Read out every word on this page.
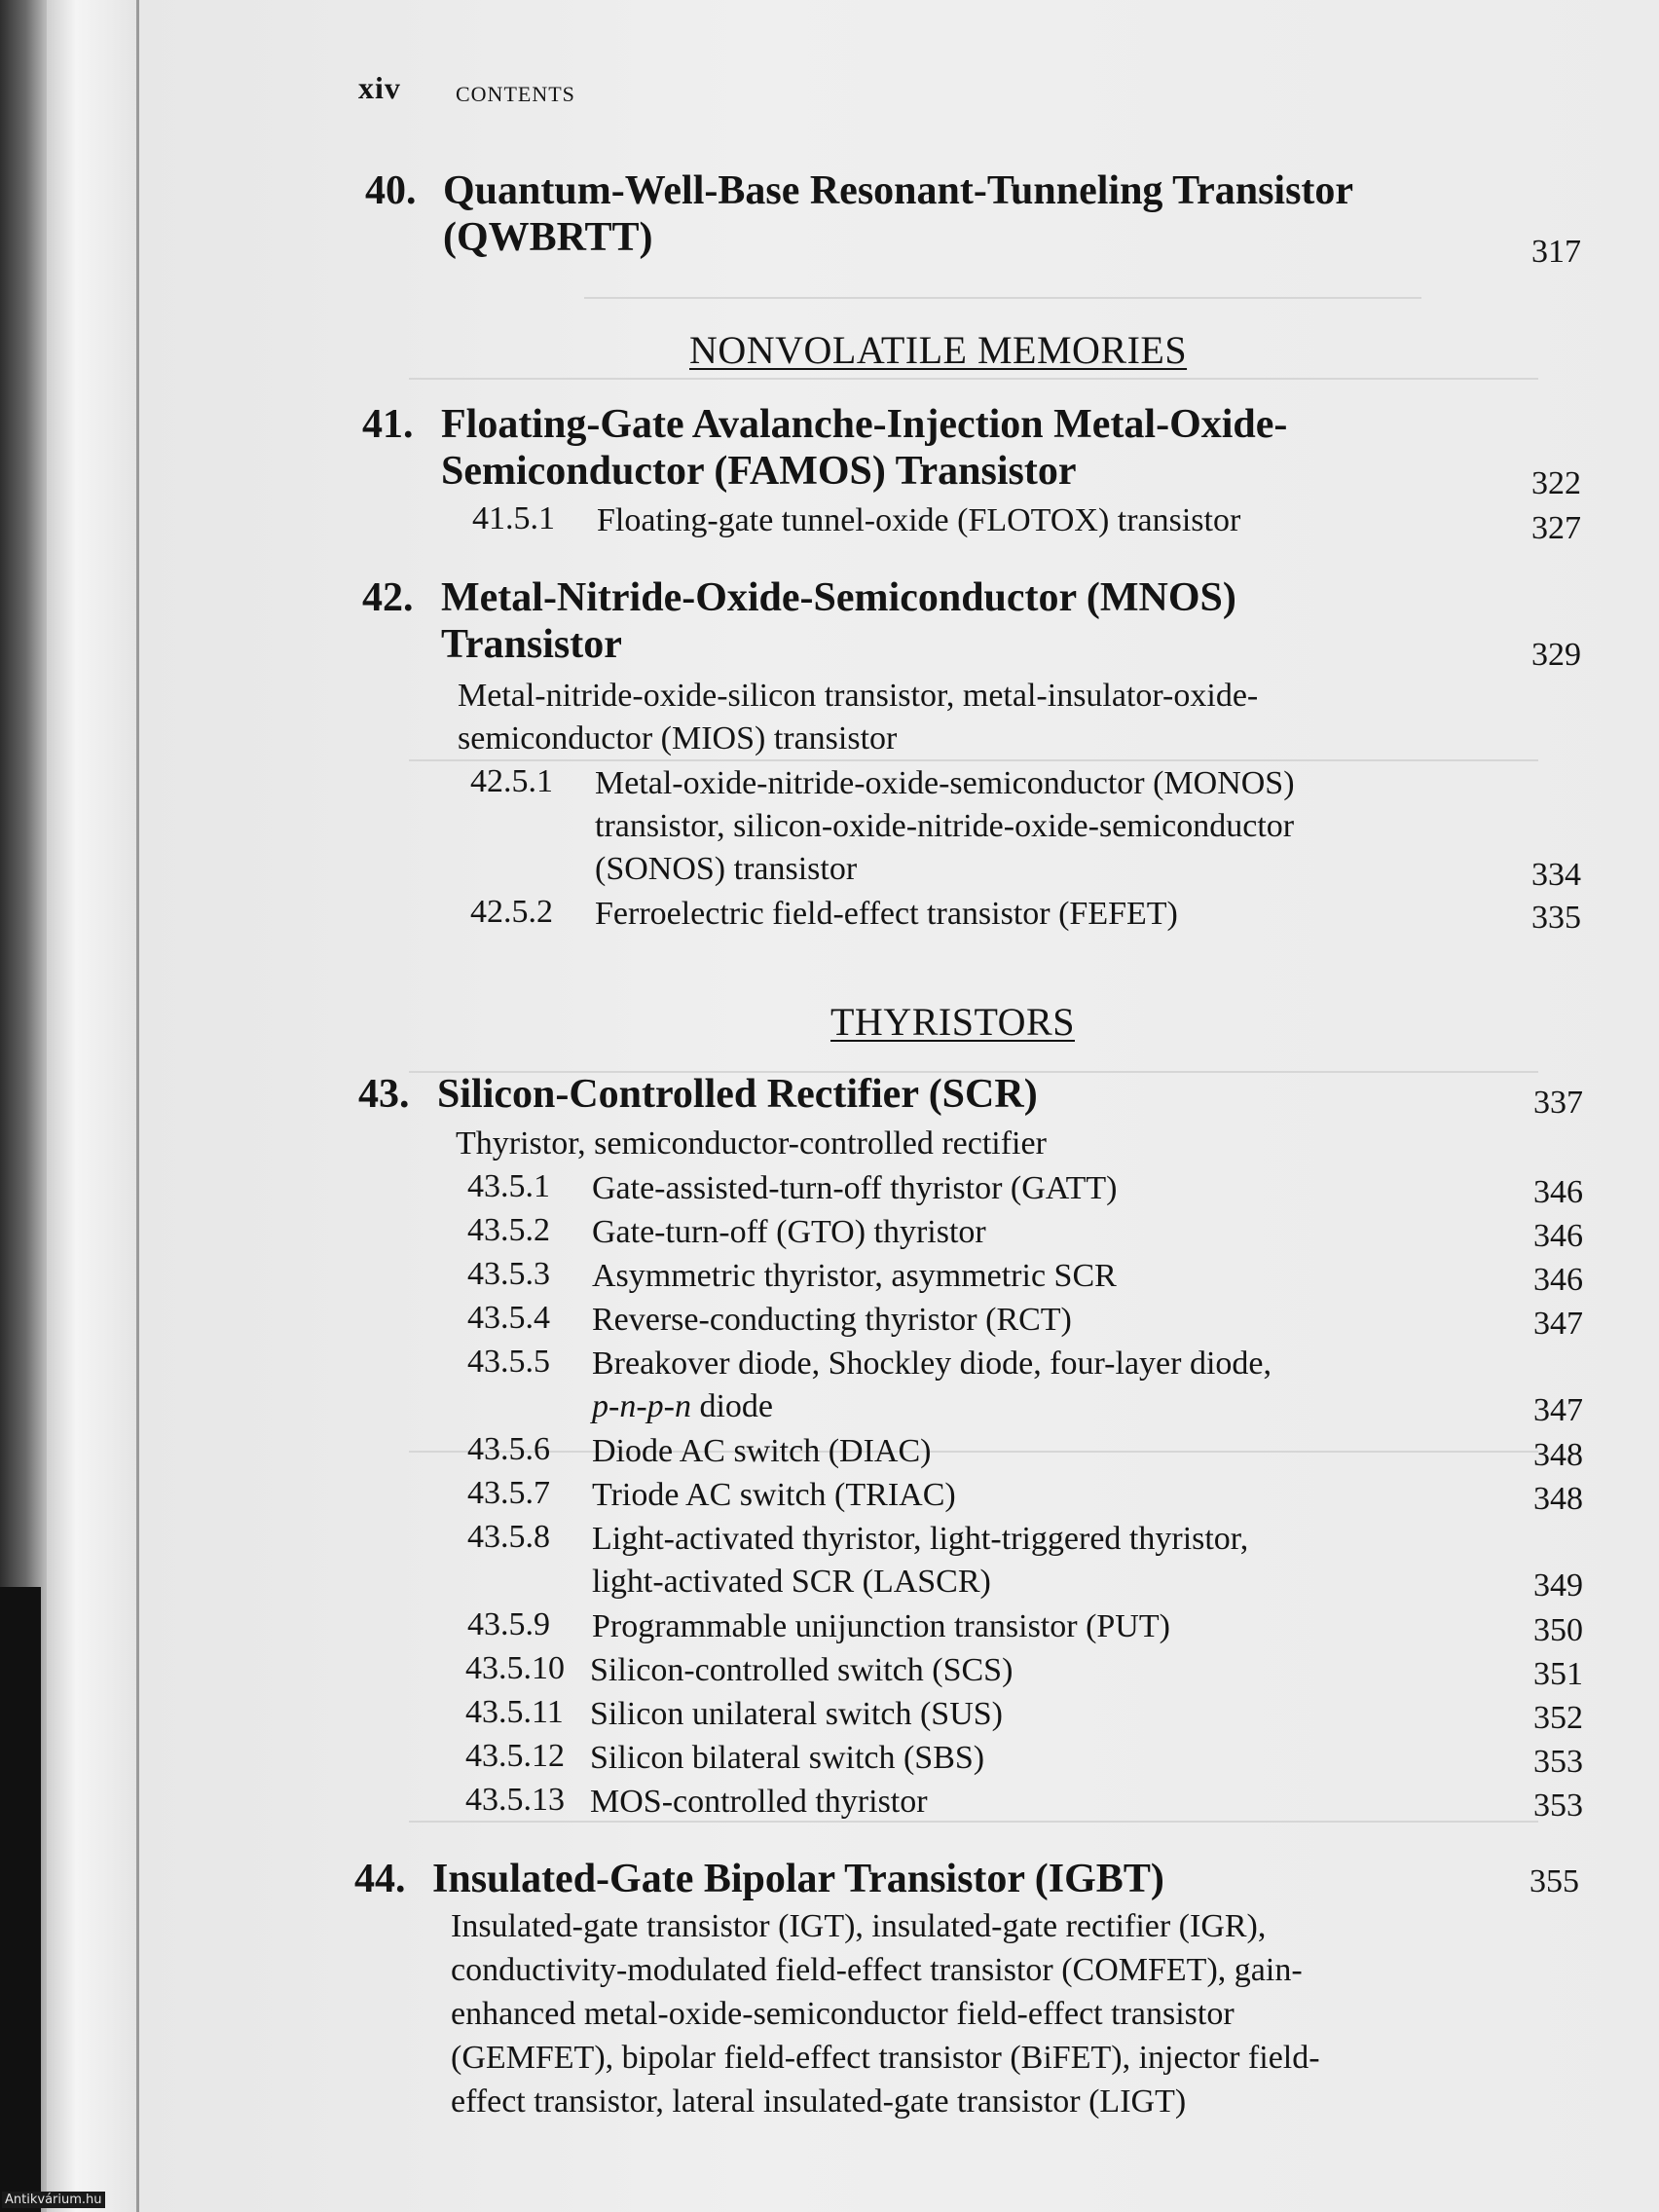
xiv	CONTENTS
40. Quantum-Well-Base Resonant-Tunneling Transistor
(QWBRTT)	317
NONVOLATILE MEMORIES
41. Floating-Gate Avalanche-Injection Metal-Oxide-
Semiconductor (FAMOS) Transistor	322
41.5.1 Floating-gate tunnel-oxide (FLOTOX) transistor	327
42. Metal-Nitride-Oxide-Semiconductor (MNOS)
Transistor	329
Metal-nitride-oxide-silicon transistor, metal-insulator-oxide-
semiconductor (MIOS) transistor
42.5.1 Metal-oxide-nitride-oxide-semiconductor (MONOS)
transistor, silicon-oxide-nitride-oxide-semiconductor
(SONOS) transistor	334
42.5.2 Ferroelectric field-effect transistor (FEFET)	335
THYRISTORS
43. Silicon-Controlled Rectifier (SCR)	337
Thyristor, semiconductor-controlled rectifier
43.5.1 Gate-assisted-turn-off thyristor (GATT)	346
43.5.2 Gate-turn-off (GTO) thyristor	346
43.5.3 Asymmetric thyristor, asymmetric SCR	346
43.5.4 Reverse-conducting thyristor (RCT)	347
43.5.5 Breakover diode, Shockley diode, four-layer diode,
p-n-p-n diode	347
43.5.6 Diode AC switch (DIAC)	348
43.5.7 Triode AC switch (TRIAC)	348
43.5.8 Light-activated thyristor, light-triggered thyristor,
light-activated SCR (LASCR)	349
43.5.9 Programmable unijunction transistor (PUT)	350
43.5.10 Silicon-controlled switch (SCS)	351
43.5.11 Silicon unilateral switch (SUS)	352
43.5.12 Silicon bilateral switch (SBS)	353
43.5.13 MOS-controlled thyristor	353
44. Insulated-Gate Bipolar Transistor (IGBT)	355
Insulated-gate transistor (IGT), insulated-gate rectifier (IGR),
conductivity-modulated field-effect transistor (COMFET), gain-
enhanced metal-oxide-semiconductor field-effect transistor
(GEMFET), bipolar field-effect transistor (BiFET), injector field-
effect transistor, lateral insulated-gate transistor (LIGT)
Antikvárium.hu
